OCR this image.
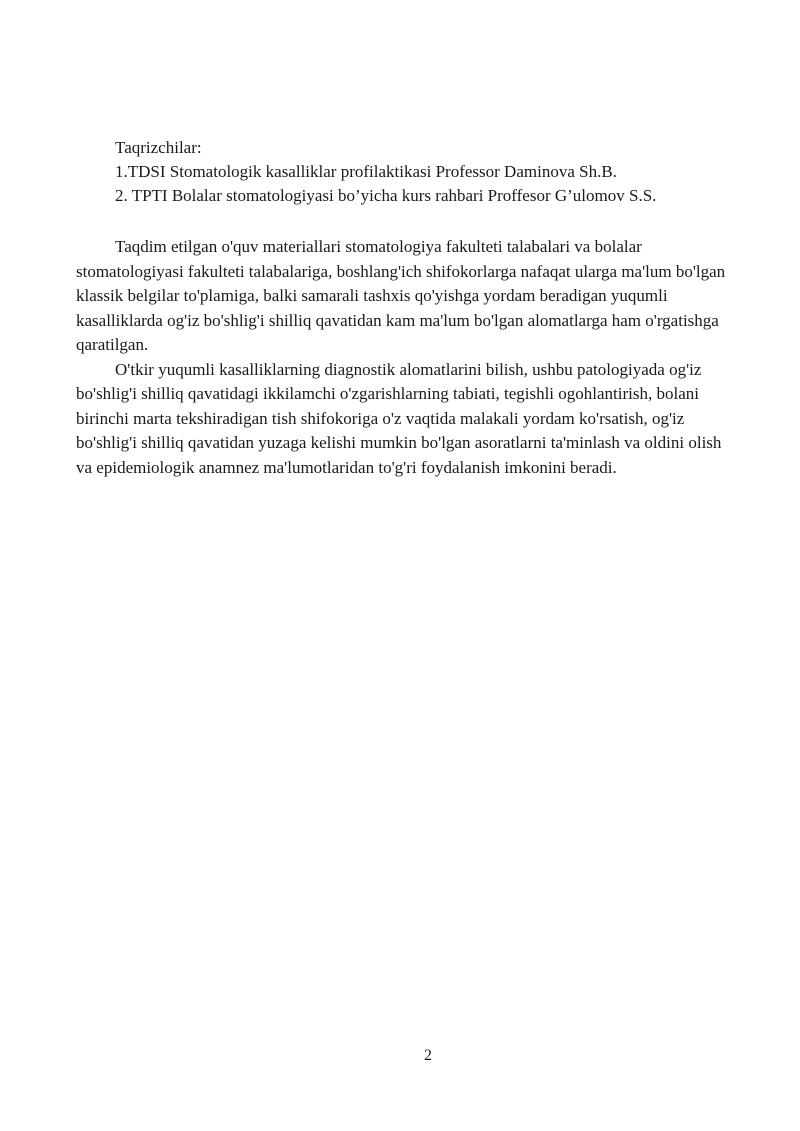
Taqrizchilar:
1.TDSI Stomatologik kasalliklar profilaktikasi Professor Daminova Sh.B.
2. TPTI Bolalar stomatologiyasi bo’yicha kurs rahbari Proffesor G’ulomov S.S.

Taqdim etilgan o'quv materiallari stomatologiya fakulteti talabalari va bolalar stomatologiyasi fakulteti talabalariga, boshlang'ich shifokorlarga nafaqat ularga ma'lum bo'lgan klassik belgilar to'plamiga, balki samarali tashxis qo'yishga yordam beradigan yuqumli kasalliklarda og'iz bo'shlig'i shilliq qavatidan kam ma'lum bo'lgan alomatlarga ham o'rgatishga qaratilgan.

O'tkir yuqumli kasalliklarning diagnostik alomatlarini bilish, ushbu patologiyada og'iz bo'shlig'i shilliq qavatidagi ikkilamchi o'zgarishlarning tabiati, tegishli ogohlantirish, bolani birinchi marta tekshiradigan tish shifokoriga o'z vaqtida malakali yordam ko'rsatish, og'iz bo'shlig'i shilliq qavatidan yuzaga kelishi mumkin bo'lgan asoratlarni ta'minlash va oldini olish va epidemiologik anamnez ma'lumotlaridan to'g'ri foydalanish imkonini beradi.

2
